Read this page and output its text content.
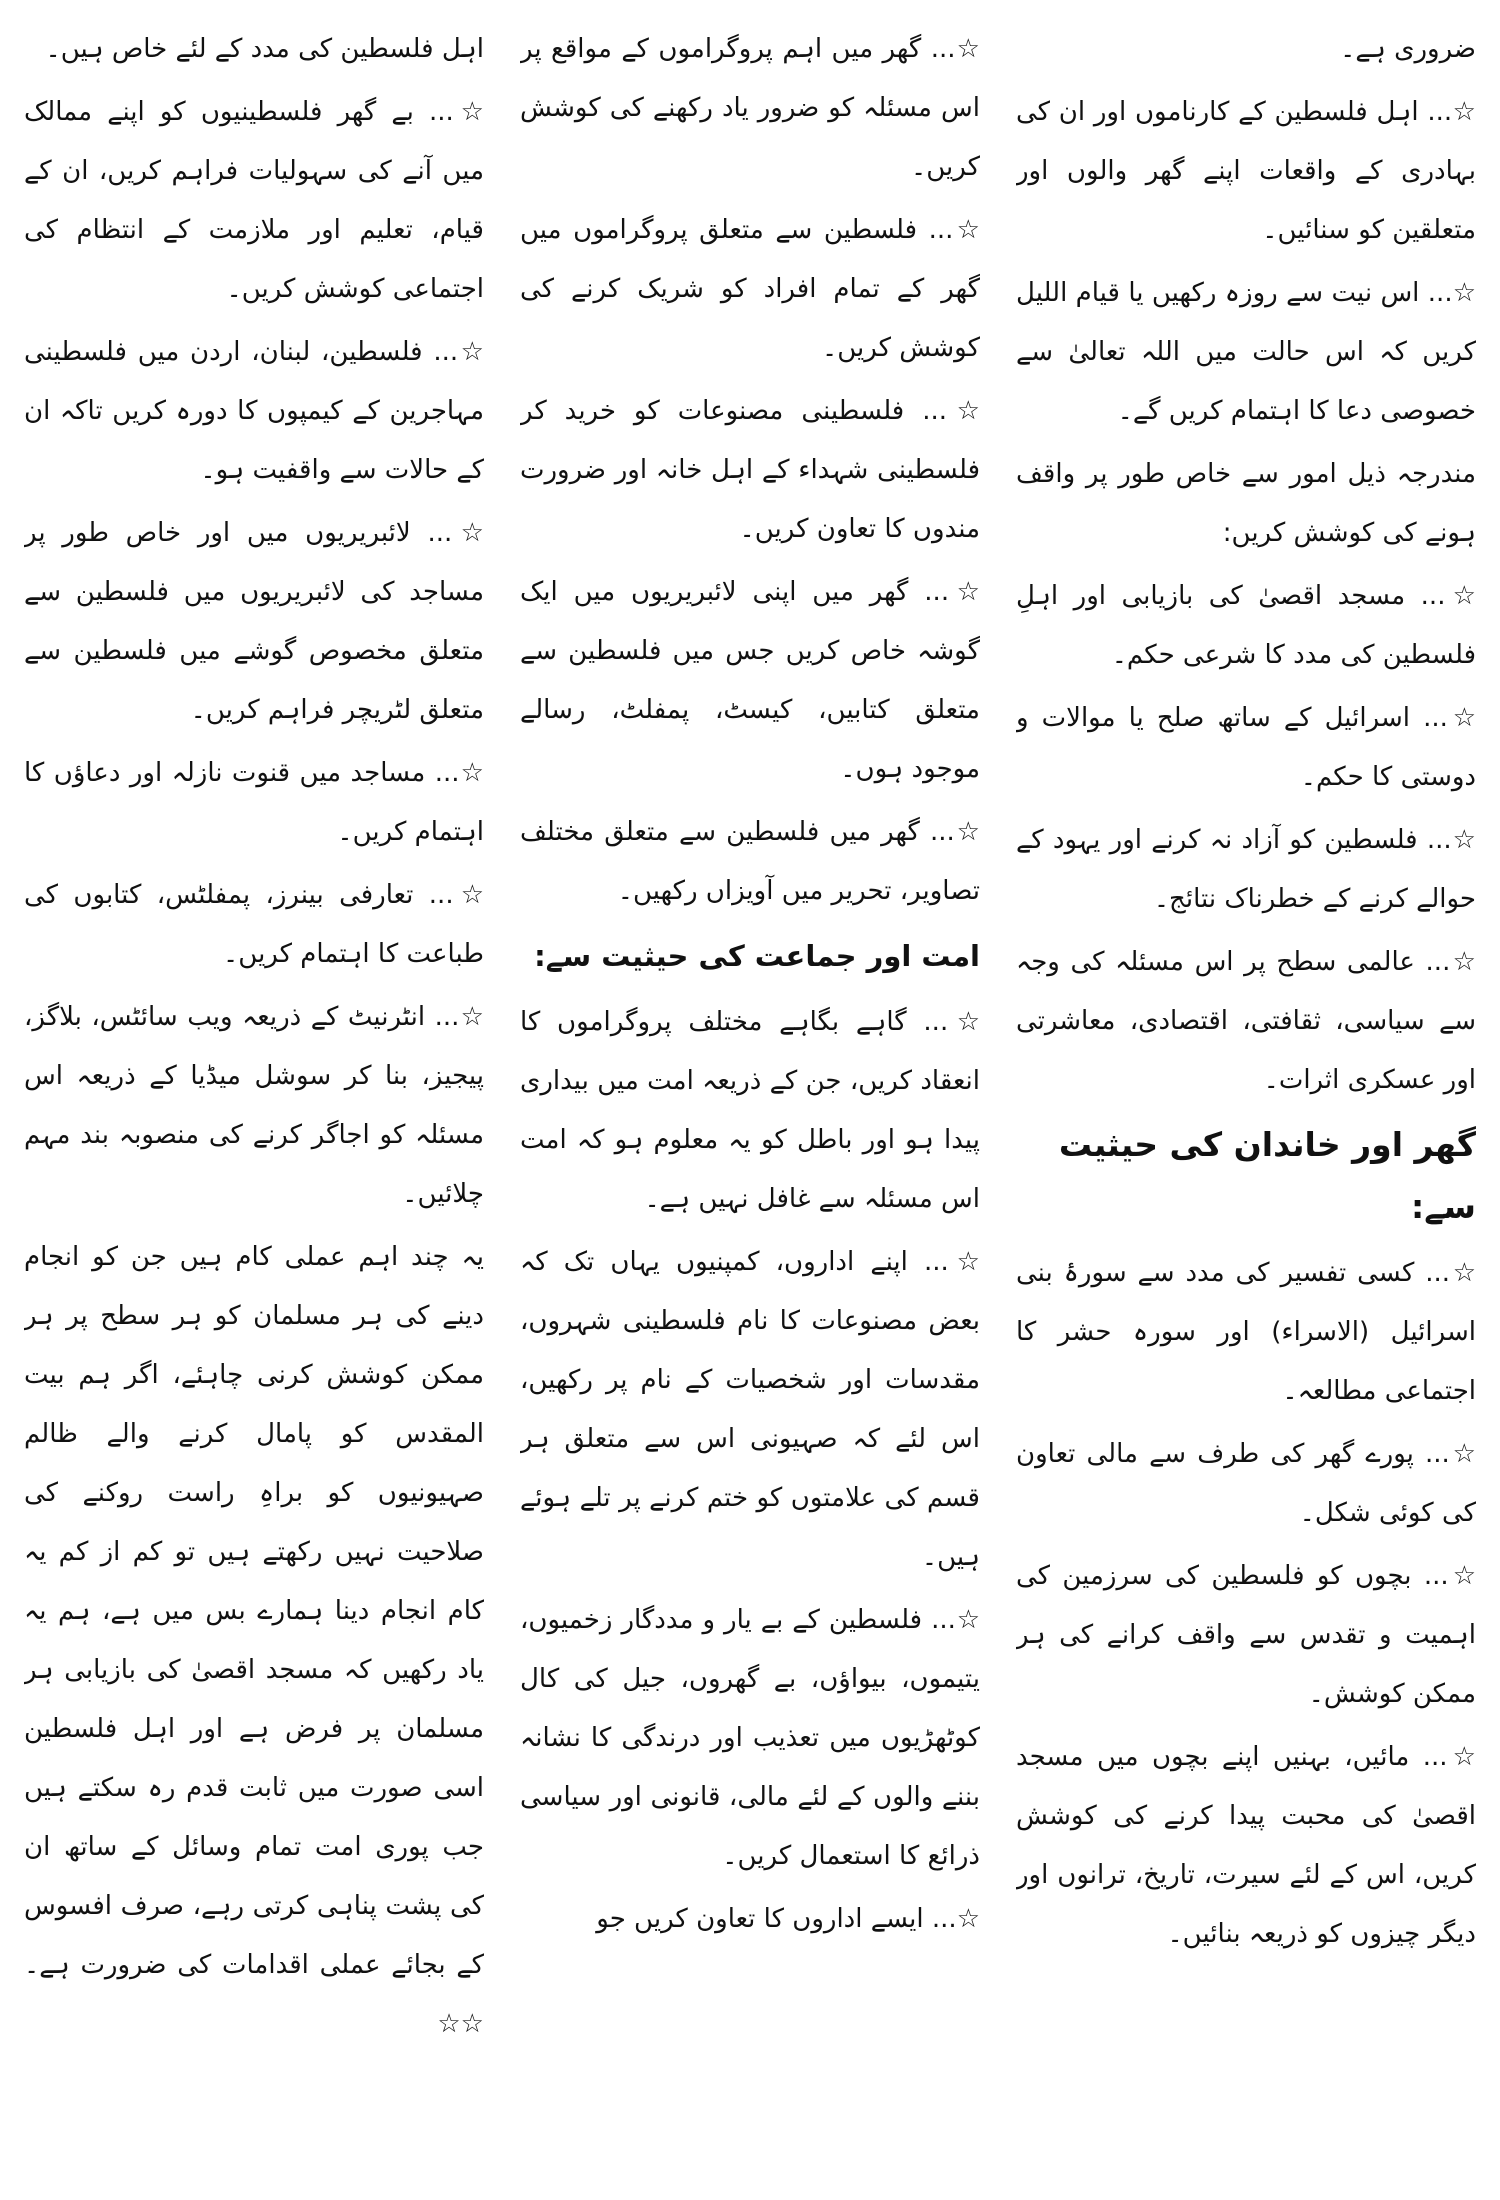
ضروری ہے۔

☆... اہل فلسطین کے کارناموں اور ان کی بہادری کے واقعات اپنے گھر والوں اور متعلقین کو سنائیں۔

☆... اس نیت سے روزہ رکھیں یا قیام اللیل کریں کہ اس حالت میں اللہ تعالیٰ سے خصوصی دعا کا اہتمام کریں گے۔

مندرجہ ذیل امور سے خاص طور پر واقف ہونے کی کوشش کریں:

☆... مسجد اقصیٰ کی بازیابی اور اہلِ فلسطین کی مدد کا شرعی حکم۔

☆... اسرائیل کے ساتھ صلح یا موالات و دوستی کا حکم۔

☆... فلسطین کو آزاد نہ کرنے اور یہود کے حوالے کرنے کے خطرناک نتائج۔

☆... عالمی سطح پر اس مسئلہ کی وجہ سے سیاسی، ثقافتی، اقتصادی، معاشرتی اور عسکری اثرات۔

گھر اور خاندان کی حیثیت سے:

☆... کسی تفسیر کی مدد سے سورۂ بنی اسرائیل (الاسراء) اور سورہ حشر کا اجتماعی مطالعہ۔

☆... پورے گھر کی طرف سے مالی تعاون کی کوئی شکل۔

☆... بچوں کو فلسطین کی سرزمین کی اہمیت و تقدس سے واقف کرانے کی ہر ممکن کوشش۔

☆... مائیں، بہنیں اپنے بچوں میں مسجد اقصیٰ کی محبت پیدا کرنے کی کوشش کریں، اس کے لئے سیرت، تاریخ، ترانوں اور دیگر چیزوں کو ذریعہ بنائیں۔

☆... گھر میں اہم پروگراموں کے مواقع پر اس مسئلہ کو ضرور یاد رکھنے کی کوشش کریں۔

☆... فلسطین سے متعلق پروگراموں میں گھر کے تمام افراد کو شریک کرنے کی کوشش کریں۔

☆... فلسطینی مصنوعات کو خرید کر فلسطینی شہداء کے اہل خانہ اور ضرورت مندوں کا تعاون کریں۔

☆... گھر میں اپنی لائبریریوں میں ایک گوشہ خاص کریں جس میں فلسطین سے متعلق کتابیں، کیسٹ، پمفلٹ، رسالے موجود ہوں۔

☆... گھر میں فلسطین سے متعلق مختلف تصاویر، تحریر میں آویزاں رکھیں۔

امت اور جماعت کی حیثیت سے:

☆... گاہے بگاہے مختلف پروگراموں کا انعقاد کریں، جن کے ذریعہ امت میں بیداری پیدا ہو اور باطل کو یہ معلوم ہو کہ امت اس مسئلہ سے غافل نہیں ہے۔

☆... اپنے اداروں، کمپنیوں یہاں تک کہ بعض مصنوعات کا نام فلسطینی شہروں، مقدسات اور شخصیات کے نام پر رکھیں، اس لئے کہ صہیونی اس سے متعلق ہر قسم کی علامتوں کو ختم کرنے پر تلے ہوئے ہیں۔

☆... فلسطین کے بے یار و مددگار زخمیوں، یتیموں، بیواؤں، بے گھروں، جیل کی کال کوٹھڑیوں میں تعذیب اور درندگی کا نشانہ بننے والوں کے لئے مالی، قانونی اور سیاسی ذرائع کا استعمال کریں۔

☆... ایسے اداروں کا تعاون کریں جو

اہل فلسطین کی مدد کے لئے خاص ہیں۔

☆... بے گھر فلسطینیوں کو اپنے ممالک میں آنے کی سہولیات فراہم کریں، ان کے قیام، تعلیم اور ملازمت کے انتظام کی اجتماعی کوشش کریں۔

☆... فلسطین، لبنان، اردن میں فلسطینی مہاجرین کے کیمپوں کا دورہ کریں تاکہ ان کے حالات سے واقفیت ہو۔

☆... لائبریریوں میں اور خاص طور پر مساجد کی لائبریریوں میں فلسطین سے متعلق مخصوص گوشے میں فلسطین سے متعلق لٹریچر فراہم کریں۔

☆... مساجد میں قنوت نازلہ اور دعاؤں کا اہتمام کریں۔

☆... تعارفی بینرز، پمفلٹس، کتابوں کی طباعت کا اہتمام کریں۔

☆... انٹرنیٹ کے ذریعہ ویب سائٹس، بلاگز، پیجیز، بنا کر سوشل میڈیا کے ذریعہ اس مسئلہ کو اجاگر کرنے کی منصوبہ بند مہم چلائیں۔

یہ چند اہم عملی کام ہیں جن کو انجام دینے کی ہر مسلمان کو ہر سطح پر ہر ممکن کوشش کرنی چاہئے، اگر ہم بیت المقدس کو پامال کرنے والے ظالم صہیونیوں کو براہِ راست روکنے کی صلاحیت نہیں رکھتے ہیں تو کم از کم یہ کام انجام دینا ہمارے بس میں ہے، ہم یہ یاد رکھیں کہ مسجد اقصیٰ کی بازیابی ہر مسلمان پر فرض ہے اور اہل فلسطین اسی صورت میں ثابت قدم رہ سکتے ہیں جب پوری امت تمام وسائل کے ساتھ ان کی پشت پناہی کرتی رہے، صرف افسوس کے بجائے عملی اقدامات کی ضرورت ہے۔ ☆☆
